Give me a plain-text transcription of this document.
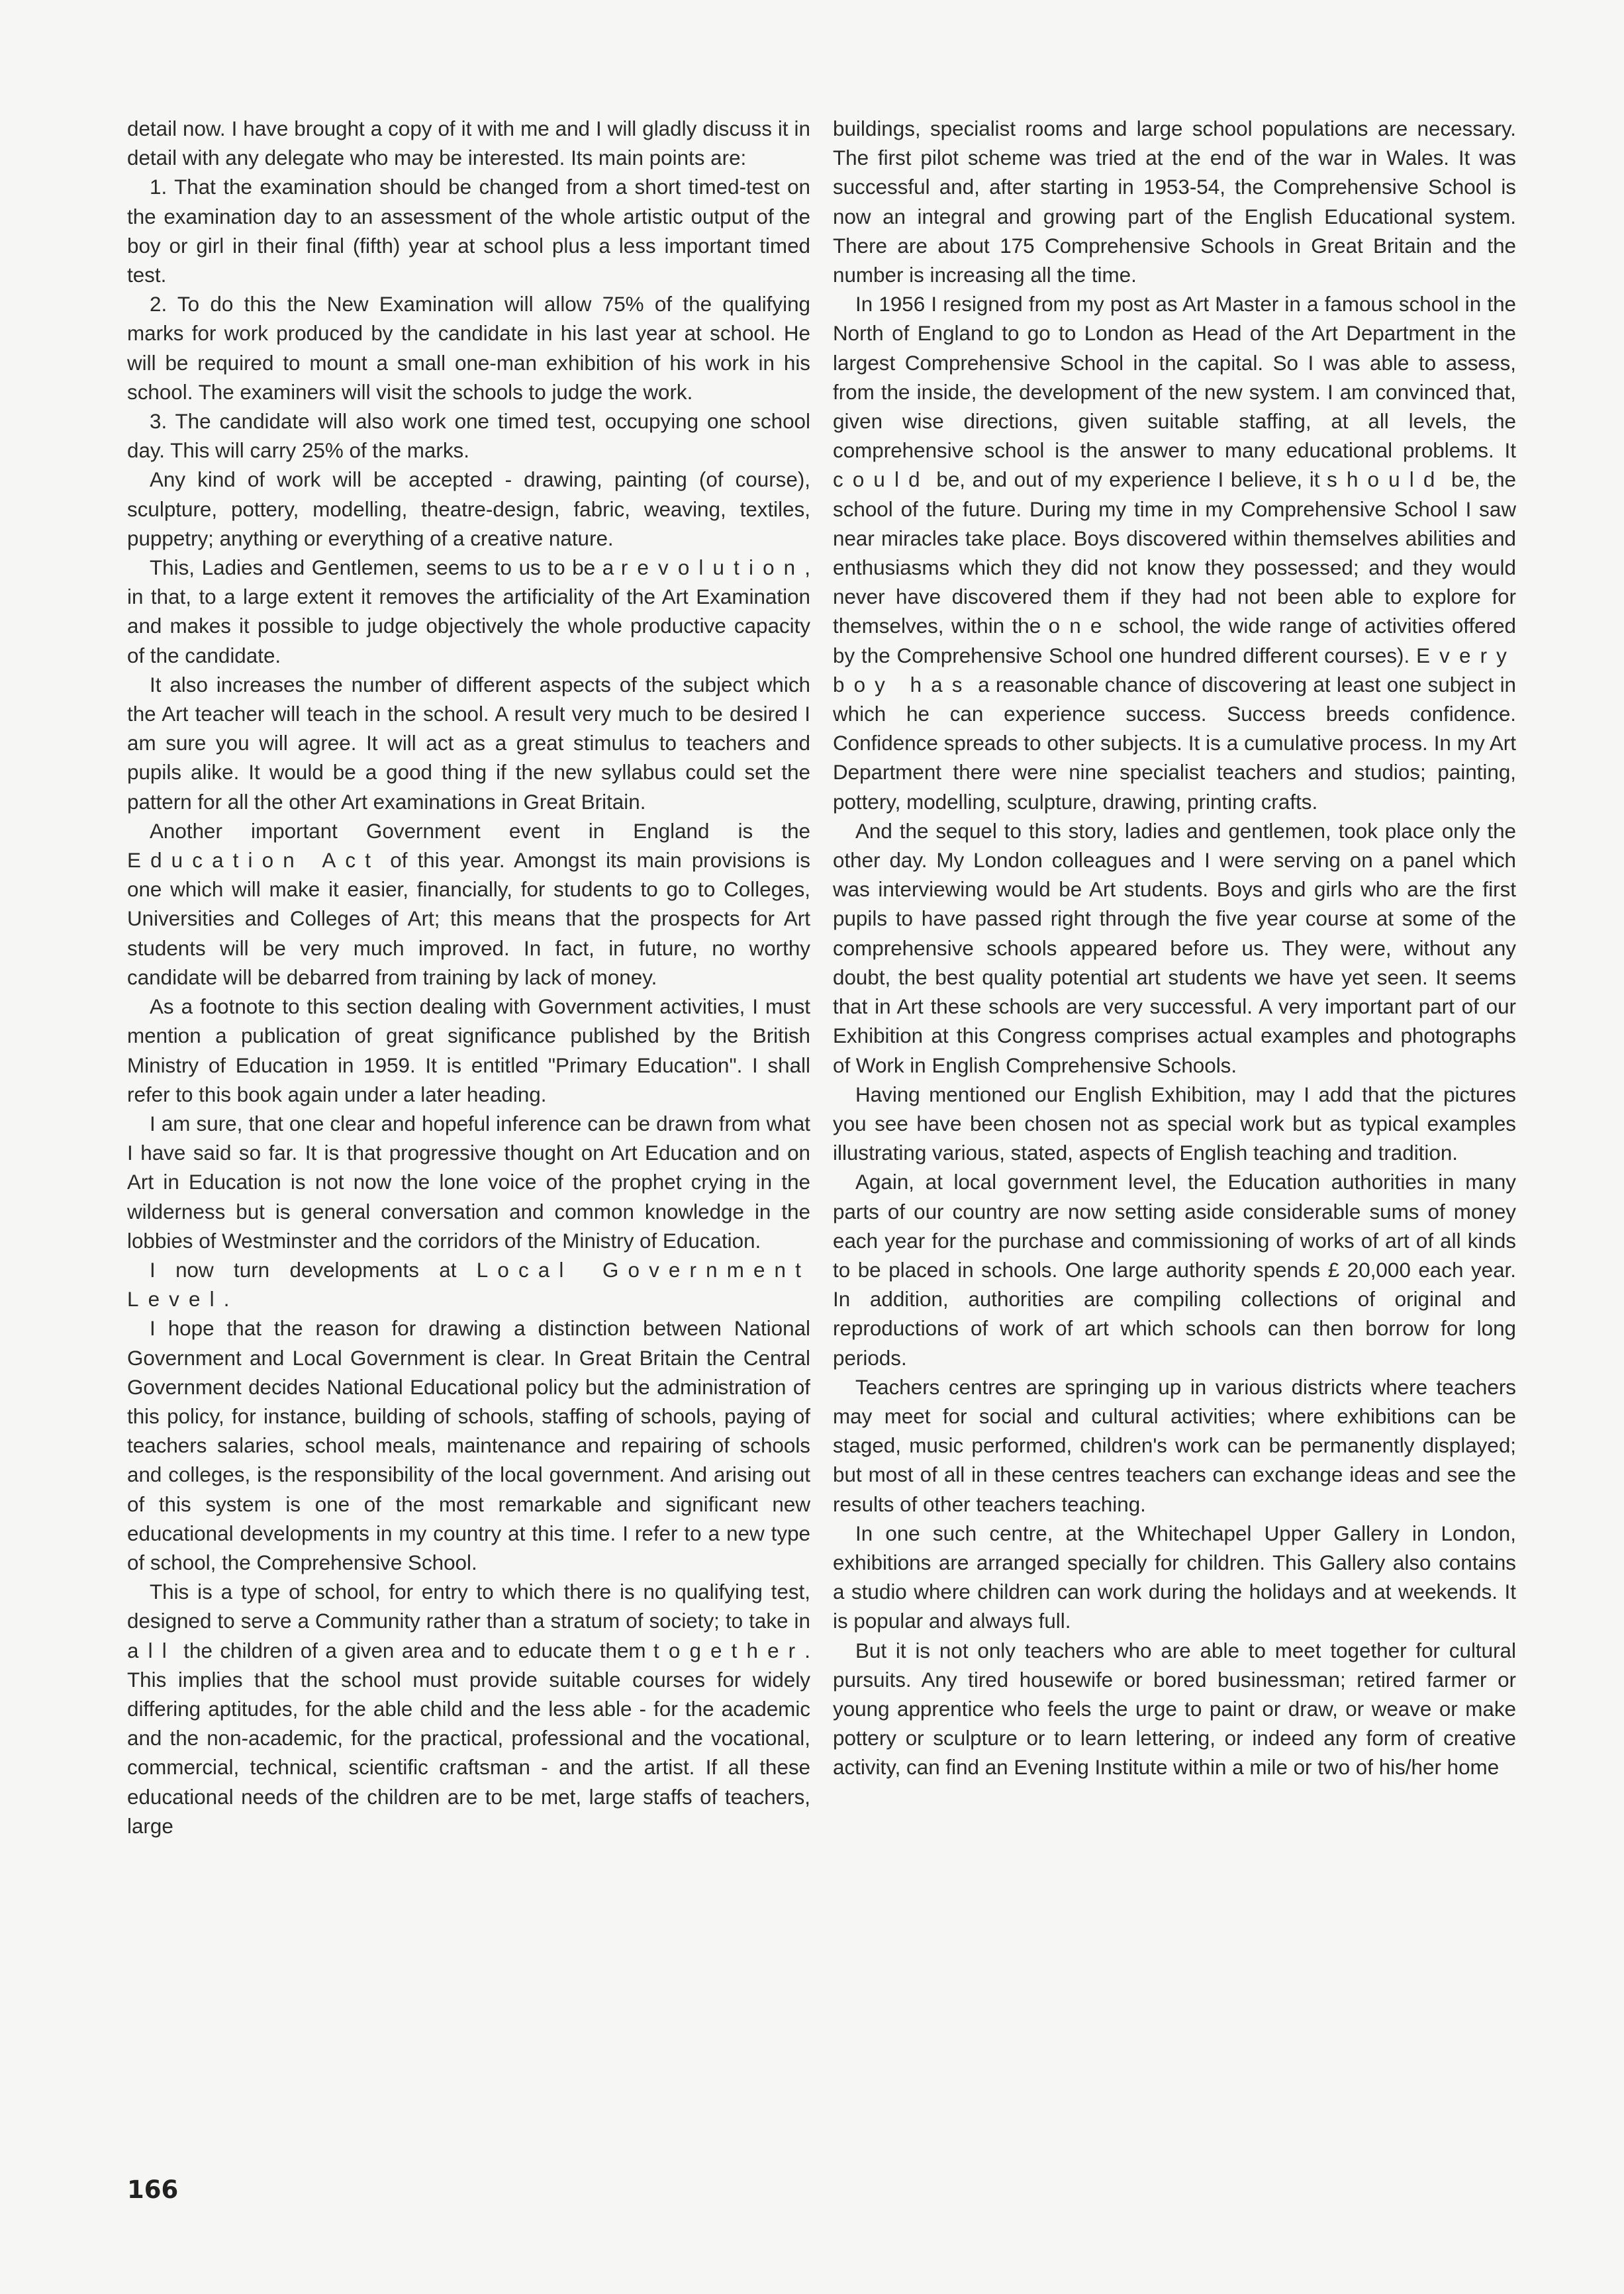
detail now. I have brought a copy of it with me and I will gladly discuss it in detail with any delegate who may be interested. Its main points are:

1. That the examination should be changed from a short timed-test on the examination day to an assessment of the whole artistic output of the boy or girl in their final (fifth) year at school plus a less important timed test.

2. To do this the New Examination will allow 75% of the qualifying marks for work produced by the candidate in his last year at school. He will be required to mount a small one-man exhibition of his work in his school. The examiners will visit the schools to judge the work.

3. The candidate will also work one timed test, occupying one school day. This will carry 25% of the marks.

Any kind of work will be accepted - drawing, painting (of course), sculpture, pottery, modelling, theatre-design, fabric, weaving, textiles, puppetry; anything or everything of a creative nature.

This, Ladies and Gentlemen, seems to us to be a revolution, in that, to a large extent it removes the artificiality of the Art Examination and makes it possible to judge objectively the whole productive capacity of the candidate.

It also increases the number of different aspects of the subject which the Art teacher will teach in the school. A result very much to be desired I am sure you will agree. It will act as a great stimulus to teachers and pupils alike. It would be a good thing if the new syllabus could set the pattern for all the other Art examinations in Great Britain.

Another important Government event in England is the Education Act of this year. Amongst its main provisions is one which will make it easier, financially, for students to go to Colleges, Universities and Colleges of Art; this means that the prospects for Art students will be very much improved. In fact, in future, no worthy candidate will be debarred from training by lack of money.

As a footnote to this section dealing with Government activities, I must mention a publication of great significance published by the British Ministry of Education in 1959. It is entitled "Primary Education". I shall refer to this book again under a later heading.

I am sure, that one clear and hopeful inference can be drawn from what I have said so far. It is that progressive thought on Art Education and on Art in Education is not now the lone voice of the prophet crying in the wilderness but is general conversation and common knowledge in the lobbies of Westminster and the corridors of the Ministry of Education.

I now turn developments at Local Government Level.

I hope that the reason for drawing a distinction between National Government and Local Government is clear. In Great Britain the Central Government decides National Educational policy but the administration of this policy, for instance, building of schools, staffing of schools, paying of teachers salaries, school meals, maintenance and repairing of schools and colleges, is the responsibility of the local government. And arising out of this system is one of the most remarkable and significant new educational developments in my country at this time. I refer to a new type of school, the Comprehensive School.

This is a type of school, for entry to which there is no qualifying test, designed to serve a Community rather than a stratum of society; to take in all the children of a given area and to educate them together. This implies that the school must provide suitable courses for widely differing aptitudes, for the able child and the less able - for the academic and the non-academic, for the practical, professional and the vocational, commercial, technical, scientific craftsman - and the artist. If all these educational needs of the children are to be met, large staffs of teachers, large

buildings, specialist rooms and large school populations are necessary. The first pilot scheme was tried at the end of the war in Wales. It was successful and, after starting in 1953-54, the Comprehensive School is now an integral and growing part of the English Educational system. There are about 175 Comprehensive Schools in Great Britain and the number is increasing all the time.

In 1956 I resigned from my post as Art Master in a famous school in the North of England to go to London as Head of the Art Department in the largest Comprehensive School in the capital. So I was able to assess, from the inside, the development of the new system. I am convinced that, given wise directions, given suitable staffing, at all levels, the comprehensive school is the answer to many educational problems. It could be, and out of my experience I believe, it should be, the school of the future. During my time in my Comprehensive School I saw near miracles take place. Boys discovered within themselves abilities and enthusiasms which they did not know they possessed; and they would never have discovered them if they had not been able to explore for themselves, within the one school, the wide range of activities offered by the Comprehensive School one hundred different courses). Every boy has a reasonable chance of discovering at least one subject in which he can experience success. Success breeds confidence. Confidence spreads to other subjects. It is a cumulative process. In my Art Department there were nine specialist teachers and studios; painting, pottery, modelling, sculpture, drawing, printing crafts.

And the sequel to this story, ladies and gentlemen, took place only the other day. My London colleagues and I were serving on a panel which was interviewing would be Art students. Boys and girls who are the first pupils to have passed right through the five year course at some of the comprehensive schools appeared before us. They were, without any doubt, the best quality potential art students we have yet seen. It seems that in Art these schools are very successful. A very important part of our Exhibition at this Congress comprises actual examples and photographs of Work in English Comprehensive Schools.

Having mentioned our English Exhibition, may I add that the pictures you see have been chosen not as special work but as typical examples illustrating various, stated, aspects of English teaching and tradition.

Again, at local government level, the Education authorities in many parts of our country are now setting aside considerable sums of money each year for the purchase and commissioning of works of art of all kinds to be placed in schools. One large authority spends £ 20,000 each year. In addition, authorities are compiling collections of original and reproductions of work of art which schools can then borrow for long periods.

Teachers centres are springing up in various districts where teachers may meet for social and cultural activities; where exhibitions can be staged, music performed, children's work can be permanently displayed; but most of all in these centres teachers can exchange ideas and see the results of other teachers teaching.

In one such centre, at the Whitechapel Upper Gallery in London, exhibitions are arranged specially for children. This Gallery also contains a studio where children can work during the holidays and at weekends. It is popular and always full.

But it is not only teachers who are able to meet together for cultural pursuits. Any tired housewife or bored businessman; retired farmer or young apprentice who feels the urge to paint or draw, or weave or make pottery or sculpture or to learn lettering, or indeed any form of creative activity, can find an Evening Institute within a mile or two of his/her home

166
